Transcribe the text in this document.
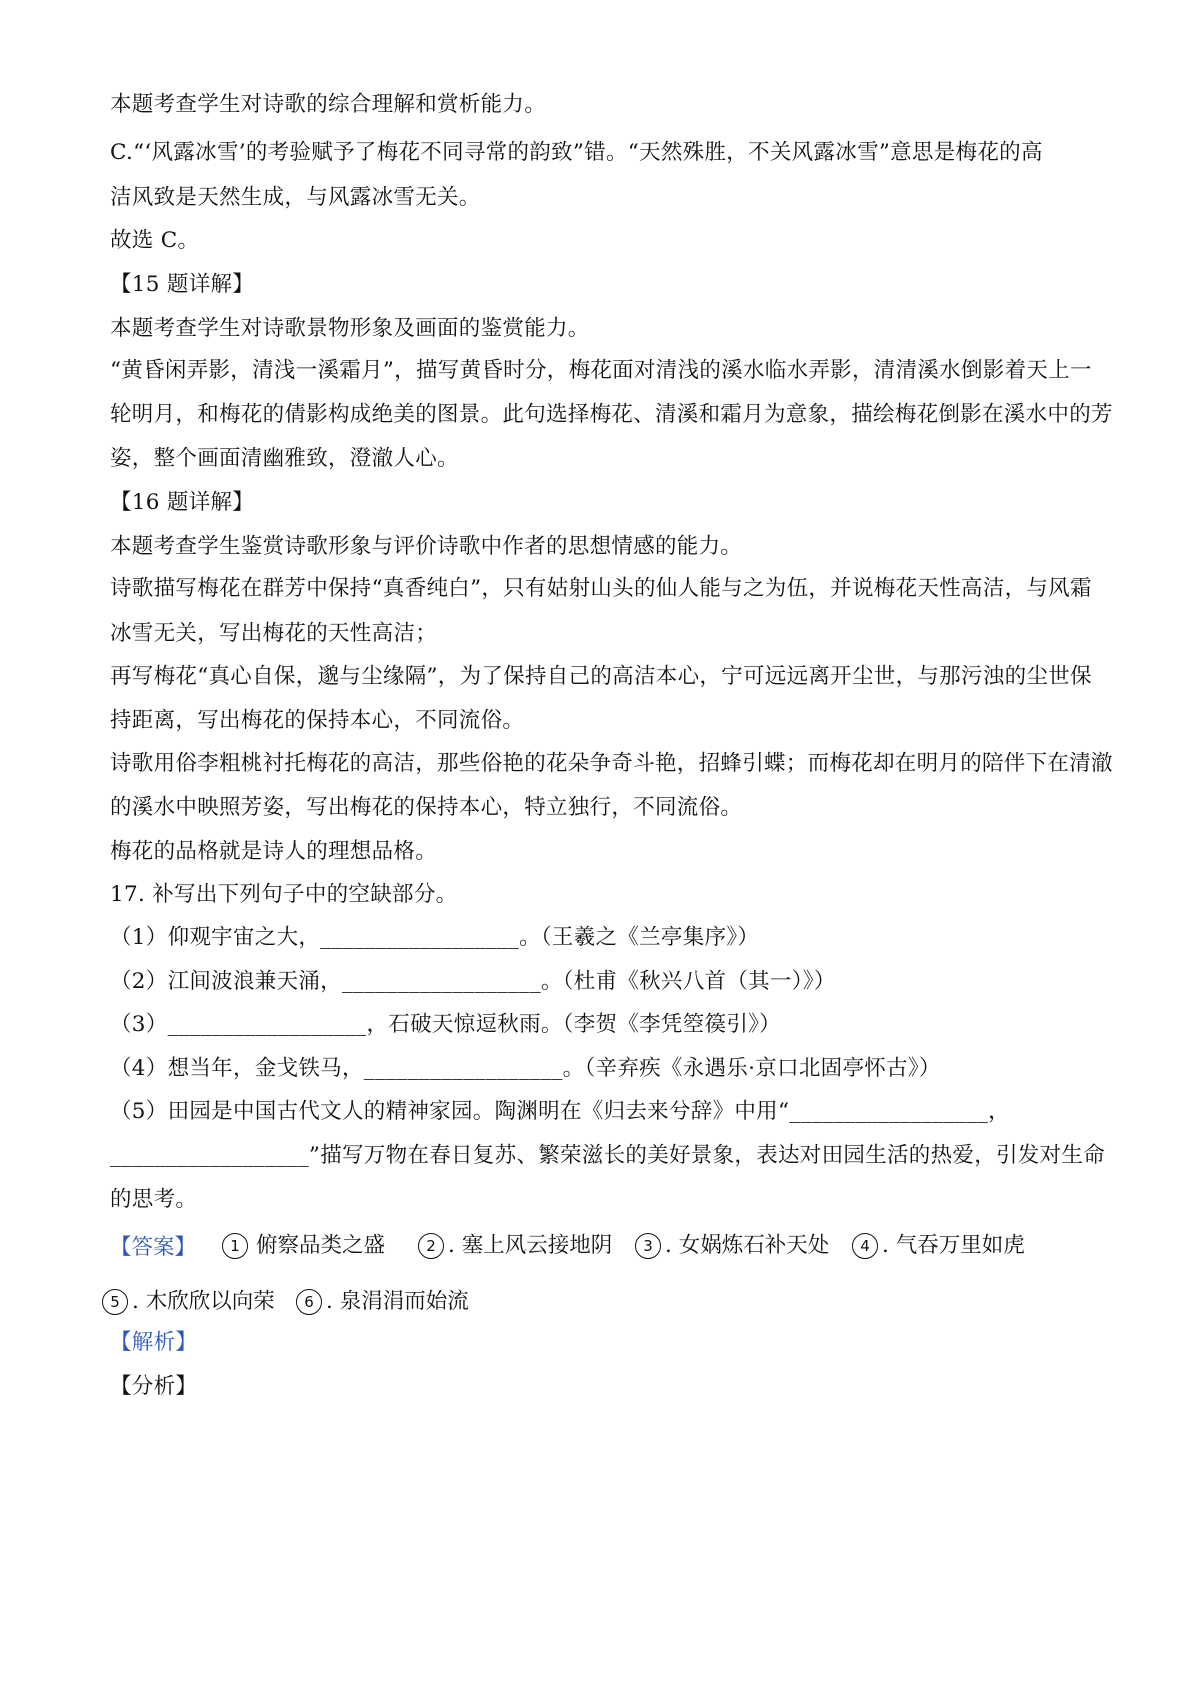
本题考查学生对诗歌的综合理解和赏析能力。
C.“‘风露冰雪’的考验赋予了梅花不同寻常的韵致”错。“天然殊胜，不关风露冰雪”意思是梅花的高
洁风致是天然生成，与风露冰雪无关。
故选 C。
【15 题详解】
本题考查学生对诗歌景物形象及画面的鉴赏能力。
“黄昏闲弄影，清浅一溪霜月”，描写黄昏时分，梅花面对清浅的溪水临水弄影，清清溪水倒影着天上一
轮明月，和梅花的倩影构成绝美的图景。此句选择梅花、清溪和霜月为意象，描绘梅花倒影在溪水中的芳
姿，整个画面清幽雅致，澄澈人心。
【16 题详解】
本题考查学生鉴赏诗歌形象与评价诗歌中作者的思想情感的能力。
诗歌描写梅花在群芳中保持“真香纯白”，只有姑射山头的仙人能与之为伍，并说梅花天性高洁，与风霜
冰雪无关，写出梅花的天性高洁；
再写梅花“真心自保，邈与尘缘隔”，为了保持自己的高洁本心，宁可远远离开尘世，与那污浊的尘世保
持距离，写出梅花的保持本心，不同流俗。
诗歌用俗李粗桃衬托梅花的高洁，那些俗艳的花朵争奇斗艳，招蜂引蝶；而梅花却在明月的陪伴下在清澈
的溪水中映照芳姿，写出梅花的保持本心，特立独行，不同流俗。
梅花的品格就是诗人的理想品格。
17. 补写出下列句子中的空缺部分。
（1）仰观宇宙之大，__________________。（王羲之《兰亭集序》）
（2）江间波浪兼天涌，__________________。（杜甫《秋兴八首（其一）》）
（3）__________________，石破天惊逗秋雨。（李贺《李凭箜篌引》）
（4）想当年，金戈铁马，__________________。（辛弃疾《永遇乐·京口北固亭怀古》）
（5）田园是中国古代文人的精神家园。陶渊明在《归去来兮辞》中用“__________________，
__________________”描写万物在春日复苏、繁荣滋长的美好景象，表达对田园生活的热爱，引发对生命
的思考。
【答案】	1 俯察品类之盛	2 . 塞上风云接地阴	3 . 女娲炼石补天处	4 . 气吞万里如虎
5 . 木欣欣以向荣	6 . 泉涓涓而始流
【解析】
【分析】
